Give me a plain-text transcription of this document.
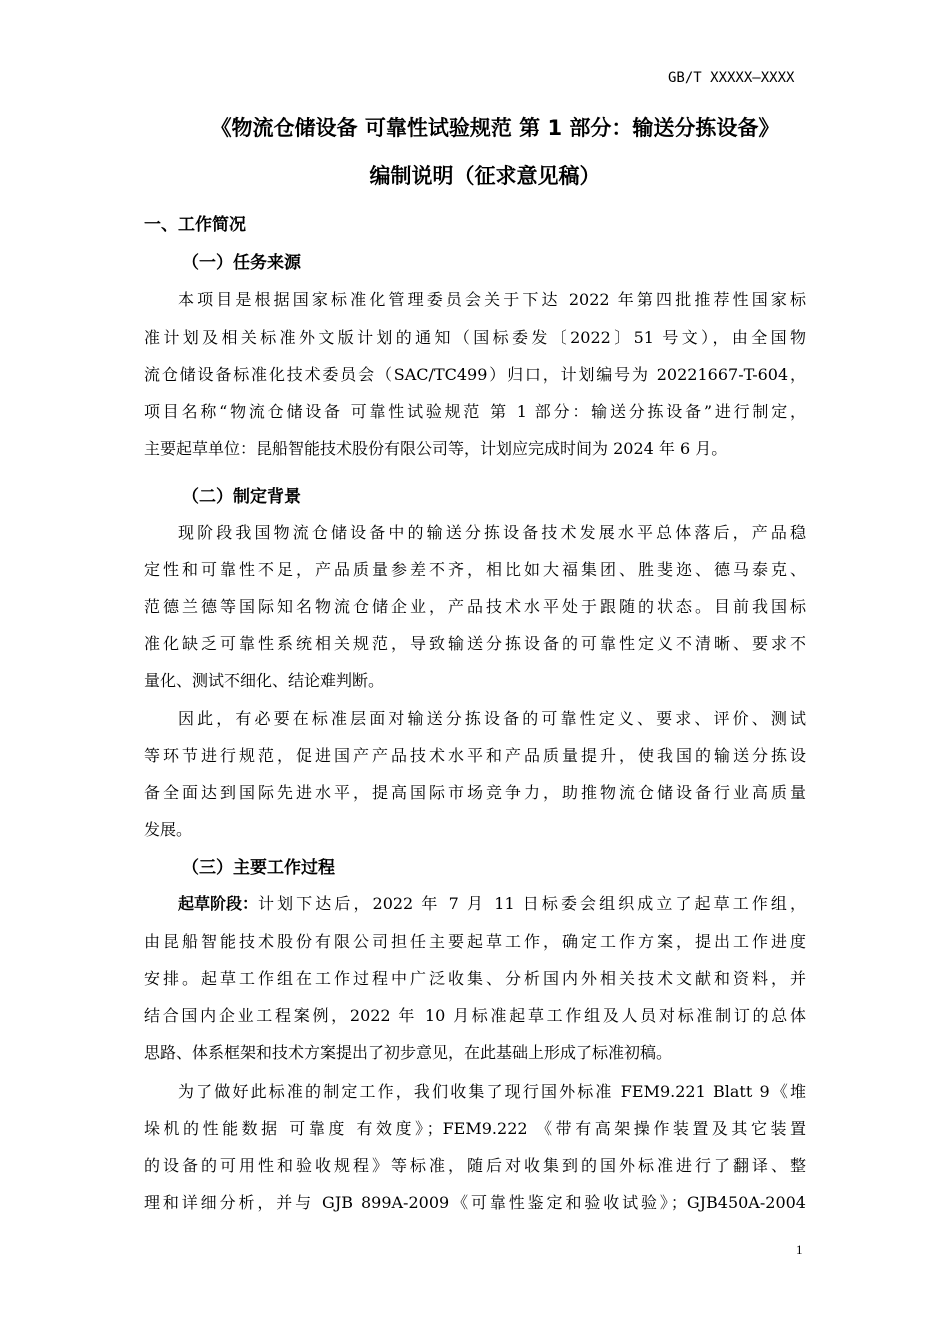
GB/T XXXXX—XXXX
《物流仓储设备 可靠性试验规范 第 1 部分：输送分拣设备》
编制说明（征求意见稿）
一、工作简况
（一）任务来源
本项目是根据国家标准化管理委员会关于下达 2022 年第四批推荐性国家标
准计划及相关标准外文版计划的通知（国标委发〔2022〕51 号文），由全国物
流仓储设备标准化技术委员会（SAC/TC499）归口，计划编号为 20221667-T-604，
项目名称“物流仓储设备 可靠性试验规范 第 1 部分：输送分拣设备”进行制定，
主要起草单位：昆船智能技术股份有限公司等，计划应完成时间为 2024 年 6 月。
（二）制定背景
现阶段我国物流仓储设备中的输送分拣设备技术发展水平总体落后，产品稳
定性和可靠性不足，产品质量参差不齐，相比如大福集团、胜斐迩、德马泰克、
范德兰德等国际知名物流仓储企业，产品技术水平处于跟随的状态。目前我国标
准化缺乏可靠性系统相关规范，导致输送分拣设备的可靠性定义不清晰、要求不
量化、测试不细化、结论难判断。
因此，有必要在标准层面对输送分拣设备的可靠性定义、要求、评价、测试
等环节进行规范，促进国产产品技术水平和产品质量提升，使我国的输送分拣设
备全面达到国际先进水平，提高国际市场竞争力，助推物流仓储设备行业高质量
发展。
（三）主要工作过程
起草阶段： 计划下达后，2022 年 7 月 11 日标委会组织成立了起草工作组，
由昆船智能技术股份有限公司担任主要起草工作，确定工作方案，提出工作进度
安排。起草工作组在工作过程中广泛收集、分析国内外相关技术文献和资料，并
结合国内企业工程案例，2022 年 10 月标准起草工作组及人员对标准制订的总体
思路、体系框架和技术方案提出了初步意见，在此基础上形成了标准初稿。
为了做好此标准的制定工作，我们收集了现行国外标准 FEM9.221 Blatt 9《堆
垛机的性能数据 可靠度 有效度》；FEM9.222 《带有高架操作装置及其它装置
的设备的可用性和验收规程》等标准，随后对收集到的国外标准进行了翻译、整
理和详细分析，并与 GJB 899A-2009《可靠性鉴定和验收试验》；GJB450A-2004
1
